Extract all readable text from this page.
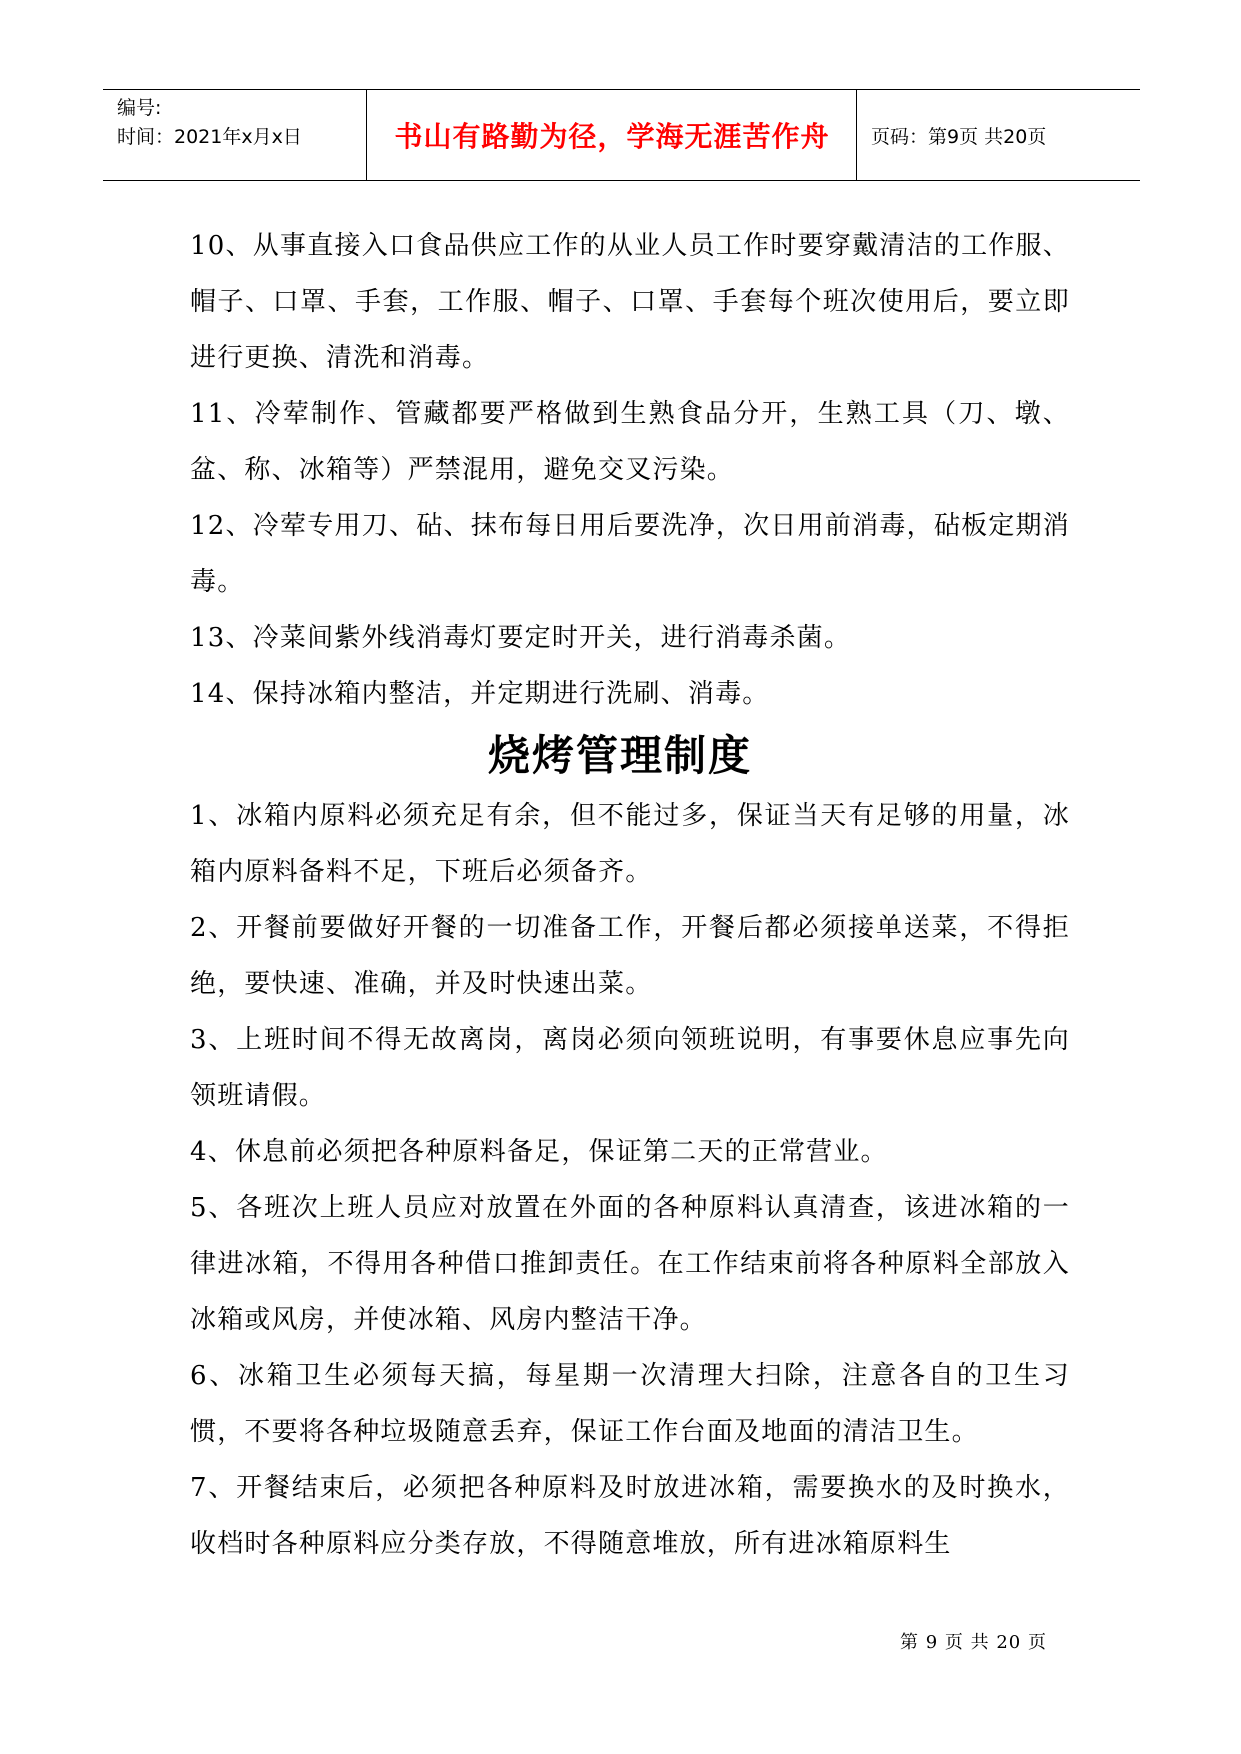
编号:
时间：2021年x月x日	书山有路勤为径，学海无涯苦作舟	页码：第9页 共20页

10、从事直接入口食品供应工作的从业人员工作时要穿戴清洁的工作服、帽子、口罩、手套，工作服、帽子、口罩、手套每个班次使用后，要立即进行更换、清洗和消毒。

11、冷荤制作、管藏都要严格做到生熟食品分开，生熟工具（刀、墩、盆、称、冰箱等）严禁混用，避免交叉污染。

12、冷荤专用刀、砧、抹布每日用后要洗净，次日用前消毒，砧板定期消毒。

13、冷菜间紫外线消毒灯要定时开关，进行消毒杀菌。

14、保持冰箱内整洁，并定期进行洗刷、消毒。

烧烤管理制度

1、冰箱内原料必须充足有余，但不能过多，保证当天有足够的用量，冰箱内原料备料不足，下班后必须备齐。

2、开餐前要做好开餐的一切准备工作，开餐后都必须接单送菜，不得拒绝，要快速、准确，并及时快速出菜。

3、上班时间不得无故离岗，离岗必须向领班说明，有事要休息应事先向领班请假。

4、休息前必须把各种原料备足，保证第二天的正常营业。

5、各班次上班人员应对放置在外面的各种原料认真清查，该进冰箱的一律进冰箱，不得用各种借口推卸责任。在工作结束前将各种原料全部放入冰箱或风房，并使冰箱、风房内整洁干净。

6、冰箱卫生必须每天搞，每星期一次清理大扫除，注意各自的卫生习惯，不要将各种垃圾随意丢弃，保证工作台面及地面的清洁卫生。

7、开餐结束后，必须把各种原料及时放进冰箱，需要换水的及时换水，收档时各种原料应分类存放，不得随意堆放，所有进冰箱原料生

第 9 页 共 20 页
